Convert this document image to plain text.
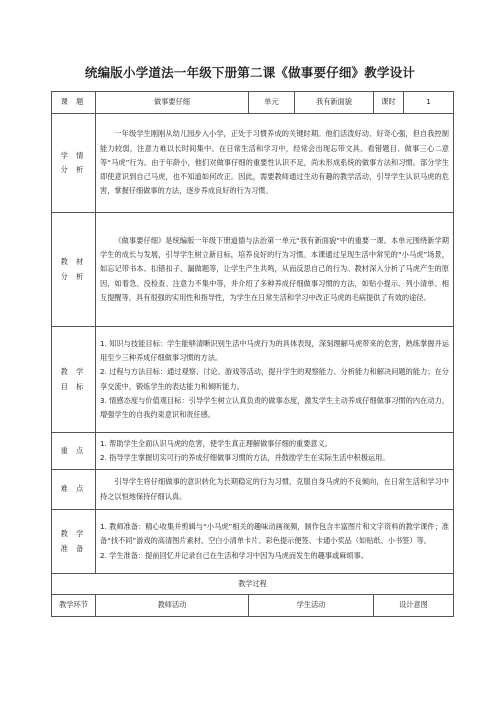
统编版小学道法一年级下册第二课《做事要仔细》教学设计
课 题	做事要仔细	单元	我有新面貌	课时	1
学 情 分 析	一年级学生刚刚从幼儿园步入小学，正处于习惯养成的关键时期。他们活泼好动、好奇心强，但自我控制能力较弱，注意力难以长时间集中。在日常生活和学习中，经常会出现忘带文具、看错题目、做事三心二意等“马虎”行为。由于年龄小，他们对做事仔细的重要性认识不足，尚未形成系统的做事方法和习惯。部分学生即使意识到自己马虎，也不知道如何改正。因此，需要教师通过生动有趣的教学活动，引导学生认识马虎的危害，掌握仔细做事的方法，逐步养成良好的行为习惯。				

教 材 分 析	《做事要仔细》是统编版一年级下册道德与法治第一单元“我有新面貌”中的重要一课。本单元围绕新学期学生的成长与发展，引导学生树立新目标，培养良好的行为习惯。本课通过呈现生活中常见的“小马虎”场景，如忘记带书本、扣错扣子、漏做题等，让学生产生共鸣，从而反思自己的行为。教材深入分析了马虎产生的原因，如着急、没检查、注意力不集中等，并介绍了多种养成仔细做事习惯的方法，如贴小提示、列小清单、相互提醒等，具有很强的实用性和指导性，为学生在日常生活和学习中改正马虎的毛病提供了有效的途径。				

教 学 目 标	1. 知识与技能目标：学生能够清晰识别生活中马虎行为的具体表现，深刻理解马虎带来的危害，熟练掌握并运用至少三种养成仔细做事习惯的方法。

2. 过程与方法目标：通过观察、讨论、游戏等活动，提升学生的观察能力、分析能力和解决问题的能力；在分享交流中，锻炼学生的表达能力和倾听能力。

3. 情感态度与价值观目标：引导学生树立认真负责的做事态度，激发学生主动养成仔细做事习惯的内在动力，增强学生的自我约束意识和责任感。				

重 点	1. 帮助学生全面认识马虎的危害，使学生真正理解做事仔细的重要意义。

2. 指导学生掌握切实可行的养成仔细做事习惯的方法，并鼓励学生在实际生活中积极运用。				

难 点	引导学生将仔细做事的意识转化为长期稳定的行为习惯，克服自身马虎的不良倾向，在日常生活和学习中持之以恒地保持仔细认真。				

教 学 准 备	1. 教师准备：精心收集并剪辑与“小马虎”相关的趣味动画视频，制作包含丰富图片和文字资料的教学课件；准备“找不同”游戏的高清图片素材、空白小清单卡片、彩色提示便签、卡通小奖品（如贴纸、小书签）等。

2. 学生准备：提前回忆并记录自己在生活和学习中因为马虎而发生的趣事或麻烦事。				

教学过程					
教学环节	教师活动	学生活动		设计意图	
